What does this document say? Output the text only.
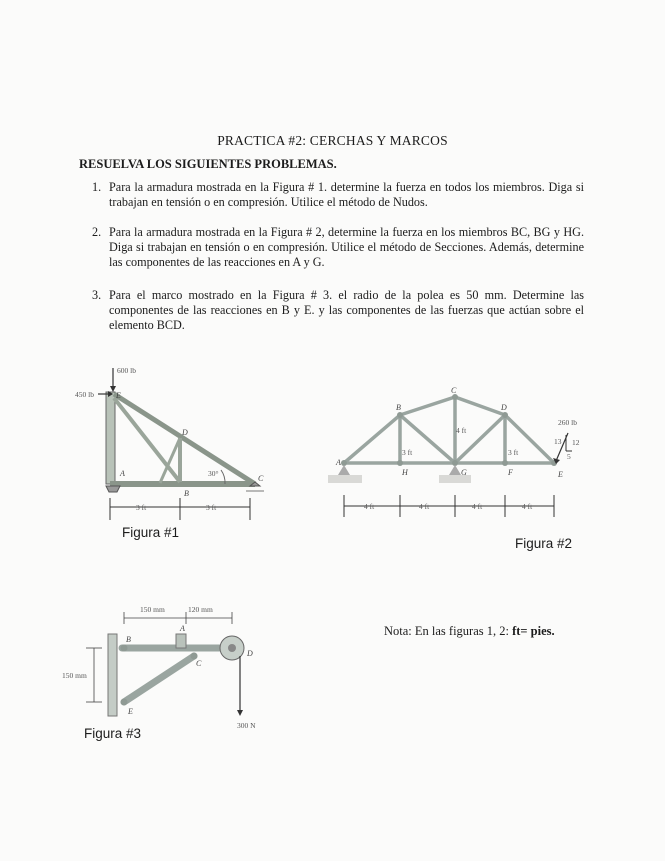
PRACTICA #2: CERCHAS Y MARCOS
RESUELVA LOS SIGUIENTES PROBLEMAS.
1. Para la armadura mostrada en la Figura # 1. determine la fuerza en todos los miembros. Diga si trabajan en tensión o en compresión. Utilice el método de Nudos.
2. Para la armadura mostrada en la Figura # 2, determine la fuerza en los miembros BC, BG y HG. Diga si trabajan en tensión o en compresión. Utilice el método de Secciones. Además, determine las componentes de las reacciones en A y G.
3. Para el marco mostrado en la Figura # 3. el radio de la polea es 50 mm. Determine las componentes de las reacciones en B y E. y las componentes de las fuerzas que actúan sobre el elemento BCD.
600 lb
450 lb	E
D
A
B
C
30°
3 ft	3 ft
Figura #1
260 lb
13 12
5
4 ft
3 ft	3 ft
A
B
C
D
E
F
G
H
4 ft	4 ft	4 ft	4 ft
Figura #2
300 N
150 mm	120 mm
150 mm
A
B
C
D
E
Figura #3
Nota: En las figuras 1, 2: ft= pies.
